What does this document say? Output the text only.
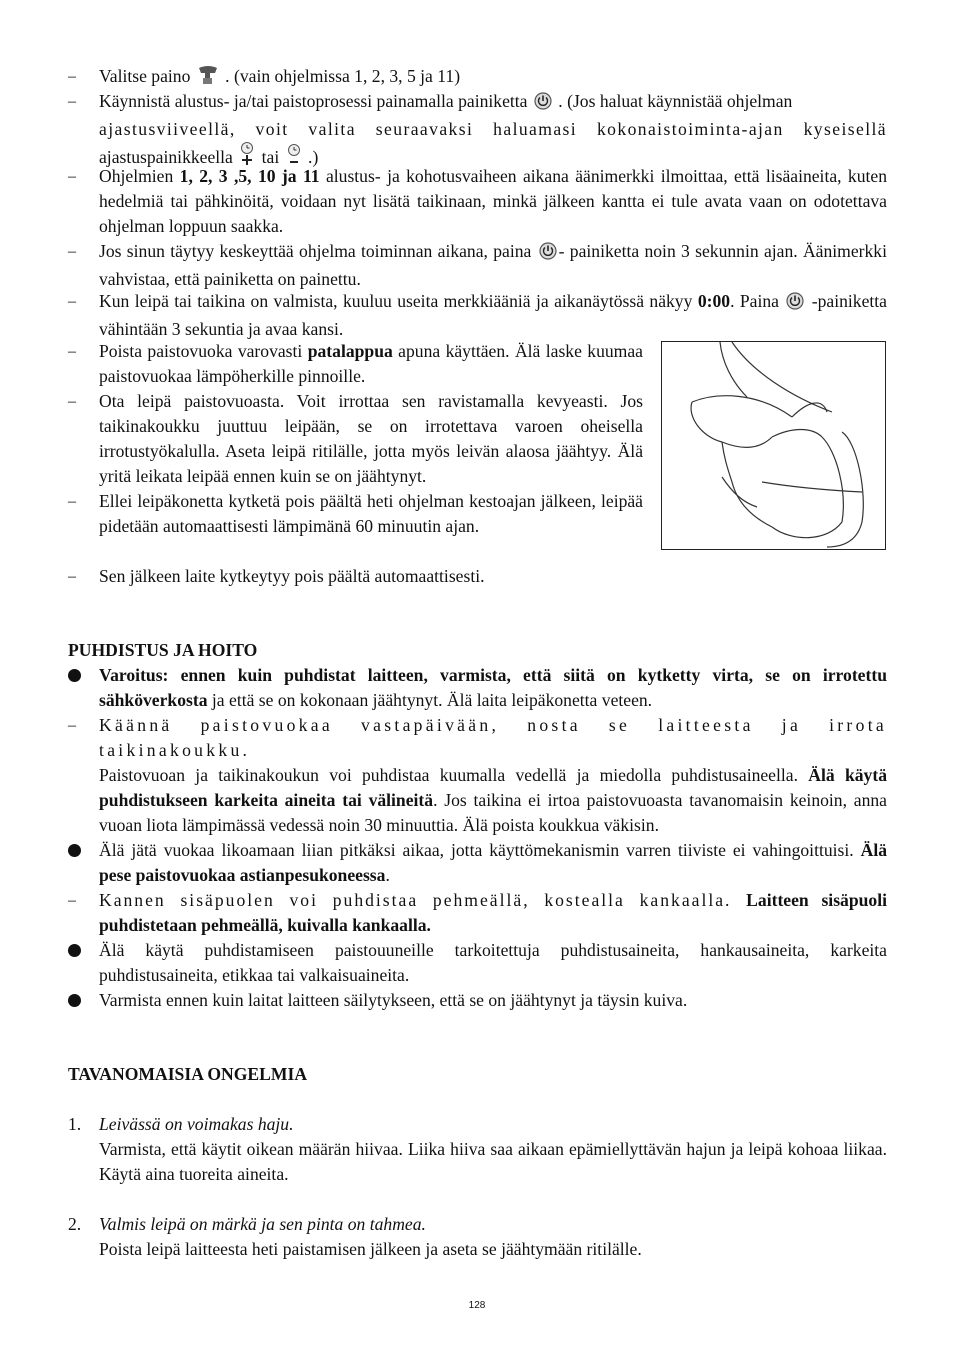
–	Valitse paino  . (vain ohjelmissa 1, 2, 3, 5 ja 11)
–	Käynnistä alustus- ja/tai paistoprosessi painamalla painiketta  . (Jos haluat käynnistää ohjelman
ajastusviiveellä, voit valita seuraavaksi haluamasi kokonaistoiminta-ajan kyseisellä
ajastuspainikkeella  tai  .)
–	Ohjelmien 1, 2, 3 ,5, 10 ja 11 alustus- ja kohotusvaiheen aikana äänimerkki ilmoittaa, että lisäaineita, kuten hedelmiä tai pähkinöitä, voidaan nyt lisätä taikinaan, minkä jälkeen kantta ei tule avata vaan on odotettava ohjelman loppuun saakka.
–	Jos sinun täytyy keskeyttää ohjelma toiminnan aikana, paina - painiketta noin 3 sekunnin ajan. Äänimerkki vahvistaa, että painiketta on painettu.
–	Kun leipä tai taikina on valmista, kuuluu useita merkkiääniä ja aikanäytössä näkyy 0:00. Paina  -painiketta vähintään 3 sekuntia ja avaa kansi.
–	Poista paistovuoka varovasti patalappua apuna käyttäen. Älä laske kuumaa paistovuokaa lämpöherkille pinnoille.
–	Ota leipä paistovuoasta. Voit irrottaa sen ravistamalla kevyeasti. Jos taikinakoukku juuttuu leipään, se on irrotettava varoen oheisella irrotustyökalulla. Aseta leipä ritilälle, jotta myös leivän alaosa jäähtyy. Älä yritä leikata leipää ennen kuin se on jäähtynyt.
–	Ellei leipäkonetta kytketä pois päältä heti ohjelman kestoajan jälkeen, leipää pidetään automaattisesti lämpimänä 60 minuutin ajan.
–	Sen jälkeen laite kytkeytyy pois päältä automaattisesti.
PUHDISTUS JA HOITO
Varoitus: ennen kuin puhdistat laitteen, varmista, että siitä on kytketty virta, se on irrotettu sähköverkosta ja että se on kokonaan jäähtynyt. Älä laita leipäkonetta veteen.
–	Käännä paistovuokaa vastapäivään, nosta se laitteesta ja irrota taikinakoukku.
Paistovuoan ja taikinakoukun voi puhdistaa kuumalla vedellä ja miedolla puhdistusaineella. Älä käytä puhdistukseen karkeita aineita tai välineitä. Jos taikina ei irtoa paistovuoasta tavanomaisin keinoin, anna vuoan liota lämpimässä vedessä noin 30 minuuttia. Älä poista koukkua väkisin.
Älä jätä vuokaa likoamaan liian pitkäksi aikaa, jotta käyttömekanismin varren tiiviste ei vahingoittuisi. Älä pese paistovuokaa astianpesukoneessa.
–	Kannen sisäpuolen voi puhdistaa pehmeällä, kostealla kankaalla. Laitteen sisäpuoli puhdistetaan pehmeällä, kuivalla kankaalla.
Älä käytä puhdistamiseen paistouuneille tarkoitettuja puhdistusaineita, hankausaineita, karkeita puhdistusaineita, etikkaa tai valkaisuaineita.
Varmista ennen kuin laitat laitteen säilytykseen, että se on jäähtynyt ja täysin kuiva.
TAVANOMAISIA ONGELMIA
1.	Leivässä on voimakas haju.
Varmista, että käytit oikean määrän hiivaa. Liika hiiva saa aikaan epämiellyttävän hajun ja leipä kohoaa liikaa. Käytä aina tuoreita aineita.
2.	Valmis leipä on märkä ja sen pinta on tahmea.
Poista leipä laitteesta heti paistamisen jälkeen ja aseta se jäähtymään ritilälle.
128
